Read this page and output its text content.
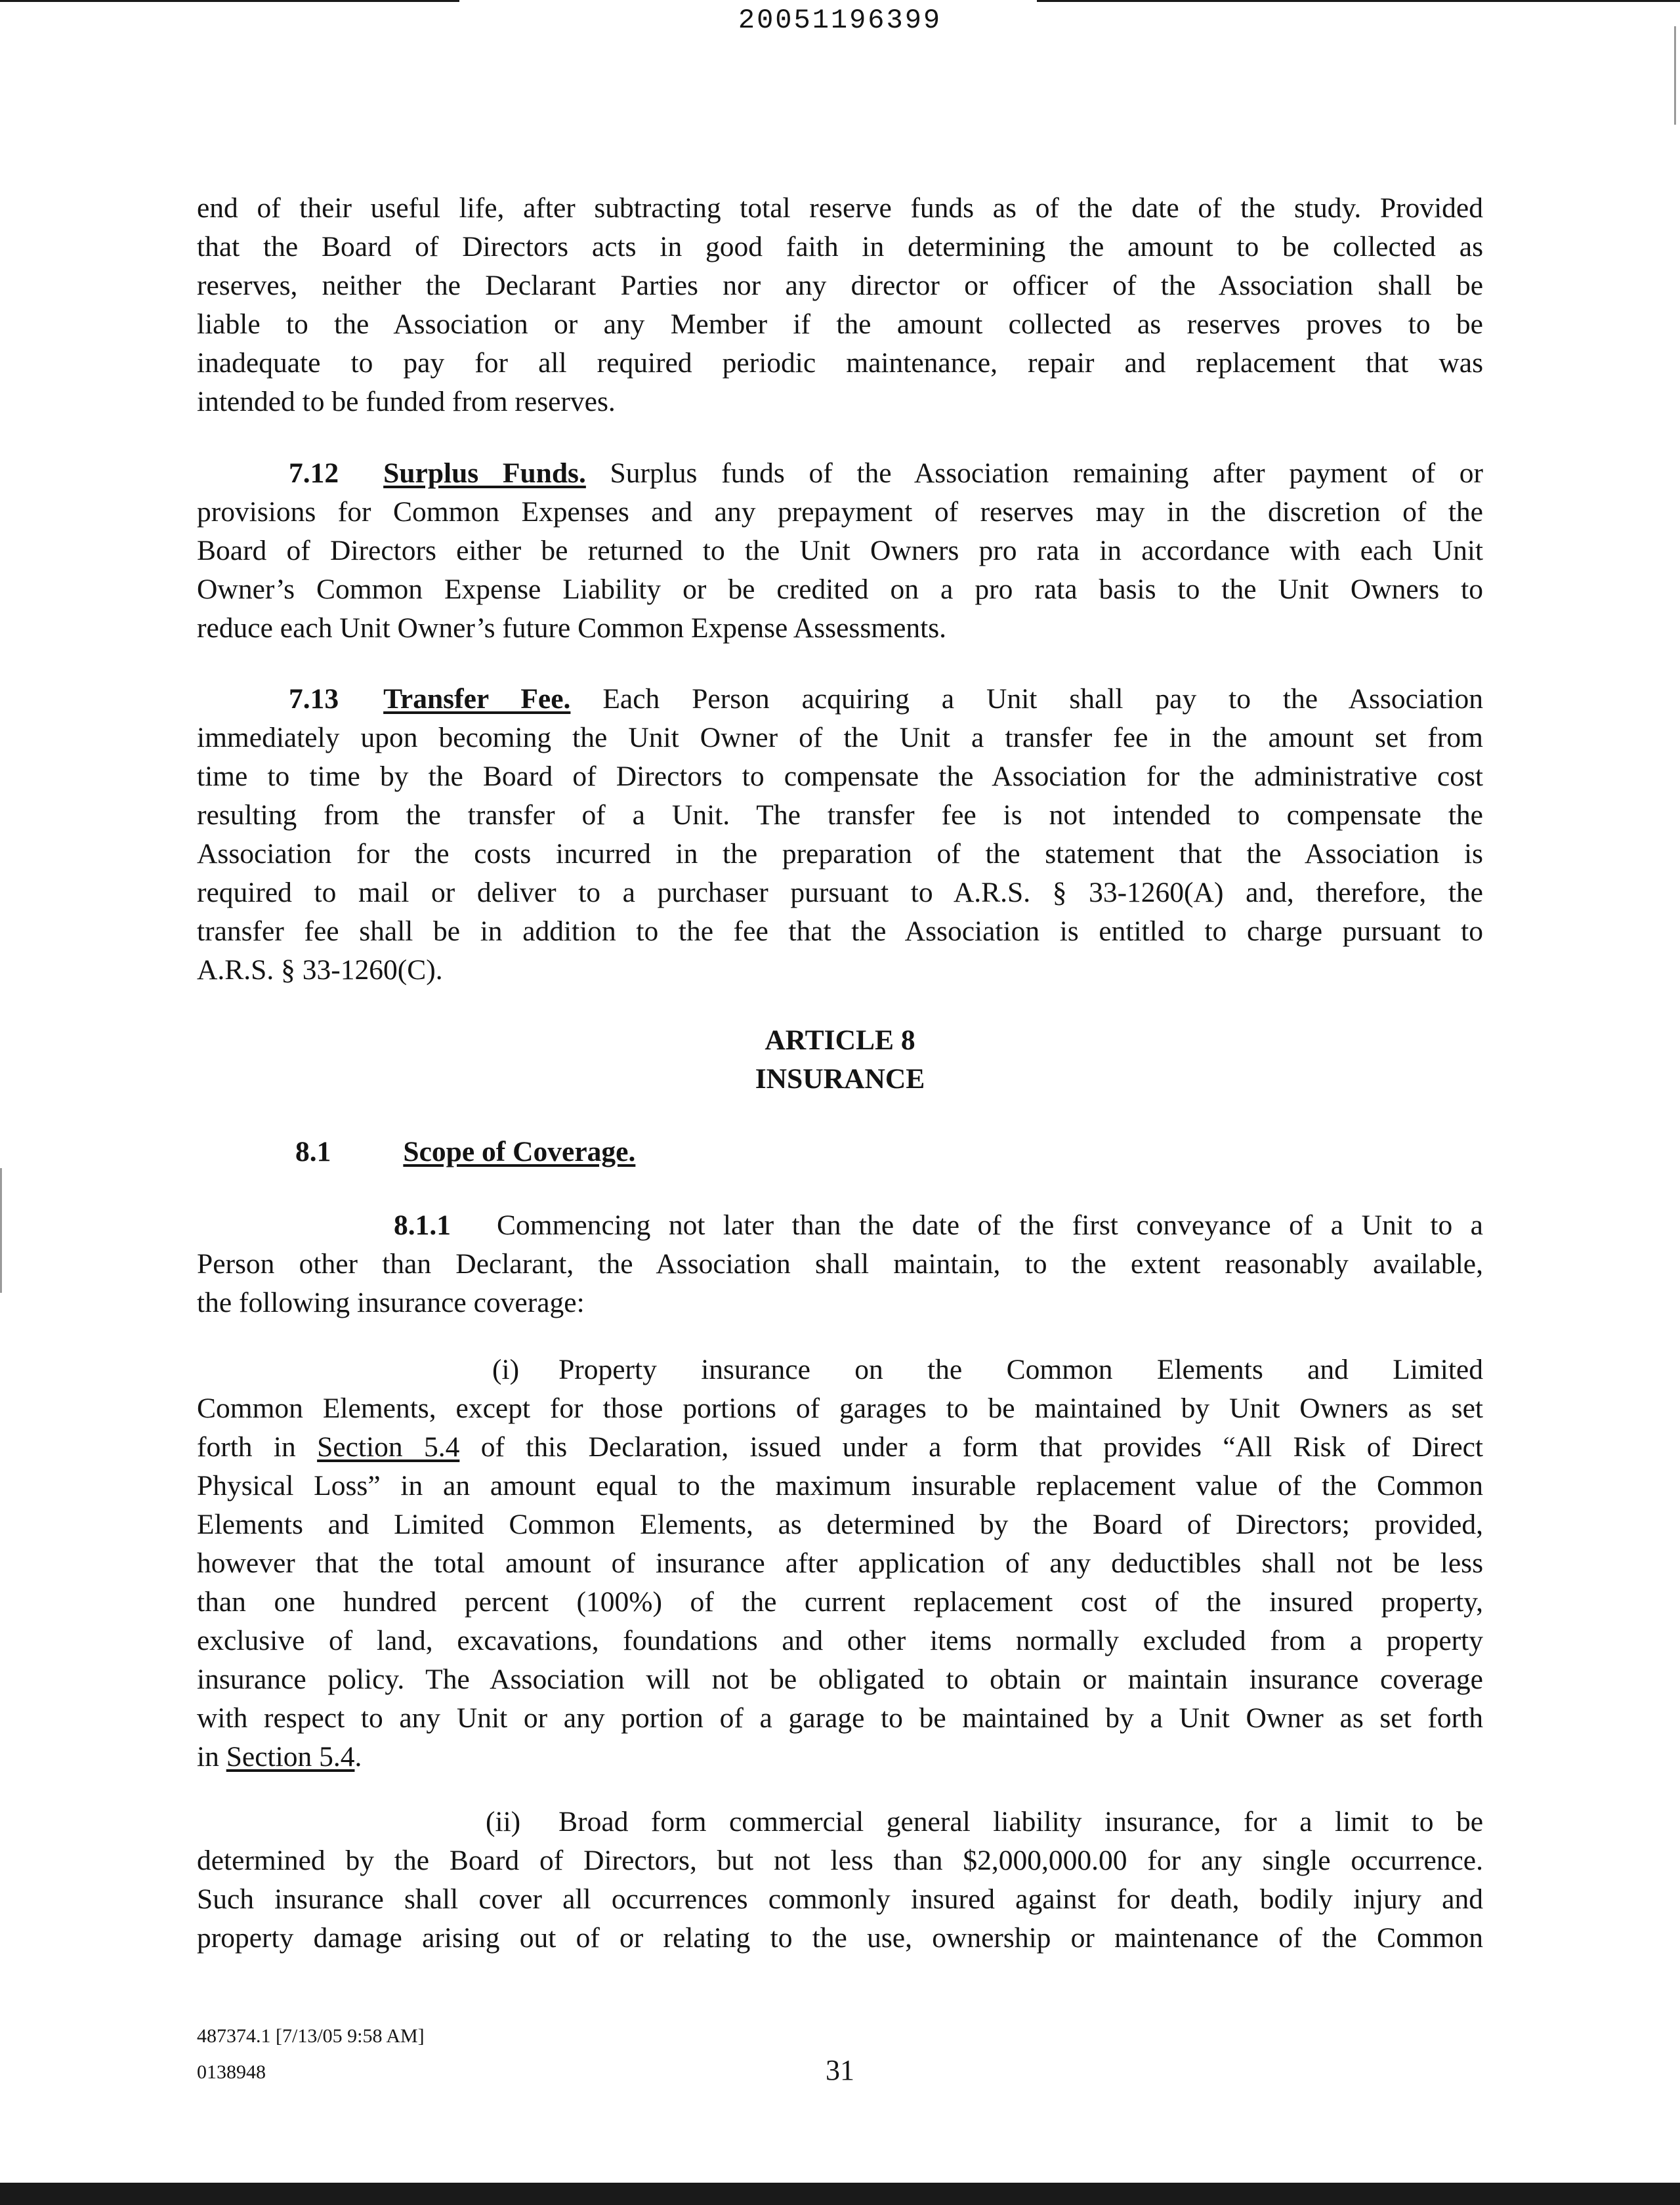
20051196399

end of their useful life, after subtracting total reserve funds as of the date of the study. Provided

that the Board of Directors acts in good faith in determining the amount to be collected as

reserves, neither the Declarant Parties nor any director or officer of the Association shall be

liable to the Association or any Member if the amount collected as reserves proves to be

inadequate to pay for all required periodic maintenance, repair and replacement that was

intended to be funded from reserves.

7.12 Surplus Funds. Surplus funds of the Association remaining after payment of or

provisions for Common Expenses and any prepayment of reserves may in the discretion of the

Board of Directors either be returned to the Unit Owners pro rata in accordance with each Unit

Owner’s Common Expense Liability or be credited on a pro rata basis to the Unit Owners to

reduce each Unit Owner’s future Common Expense Assessments.

7.13 Transfer Fee. Each Person acquiring a Unit shall pay to the Association

immediately upon becoming the Unit Owner of the Unit a transfer fee in the amount set from

time to time by the Board of Directors to compensate the Association for the administrative cost

resulting from the transfer of a Unit. The transfer fee is not intended to compensate the

Association for the costs incurred in the preparation of the statement that the Association is

required to mail or deliver to a purchaser pursuant to A.R.S. § 33-1260(A) and, therefore, the

transfer fee shall be in addition to the fee that the Association is entitled to charge pursuant to

A.R.S. § 33-1260(C).

ARTICLE 8

INSURANCE

8.1	Scope of Coverage.

8.1.1 Commencing not later than the date of the first conveyance of a Unit to a

Person other than Declarant, the Association shall maintain, to the extent reasonably available,

the following insurance coverage:

(i) Property insurance on the Common Elements and Limited

Common Elements, except for those portions of garages to be maintained by Unit Owners as set

forth in Section 5.4 of this Declaration, issued under a form that provides “All Risk of Direct

Physical Loss” in an amount equal to the maximum insurable replacement value of the Common

Elements and Limited Common Elements, as determined by the Board of Directors; provided,

however that the total amount of insurance after application of any deductibles shall not be less

than one hundred percent (100%) of the current replacement cost of the insured property,

exclusive of land, excavations, foundations and other items normally excluded from a property

insurance policy. The Association will not be obligated to obtain or maintain insurance coverage

with respect to any Unit or any portion of a garage to be maintained by a Unit Owner as set forth

in Section 5.4.

(ii) Broad form commercial general liability insurance, for a limit to be

determined by the Board of Directors, but not less than $2,000,000.00 for any single occurrence.

Such insurance shall cover all occurrences commonly insured against for death, bodily injury and

property damage arising out of or relating to the use, ownership or maintenance of the Common

487374.1 [7/13/05 9:58 AM]
0138948	31
